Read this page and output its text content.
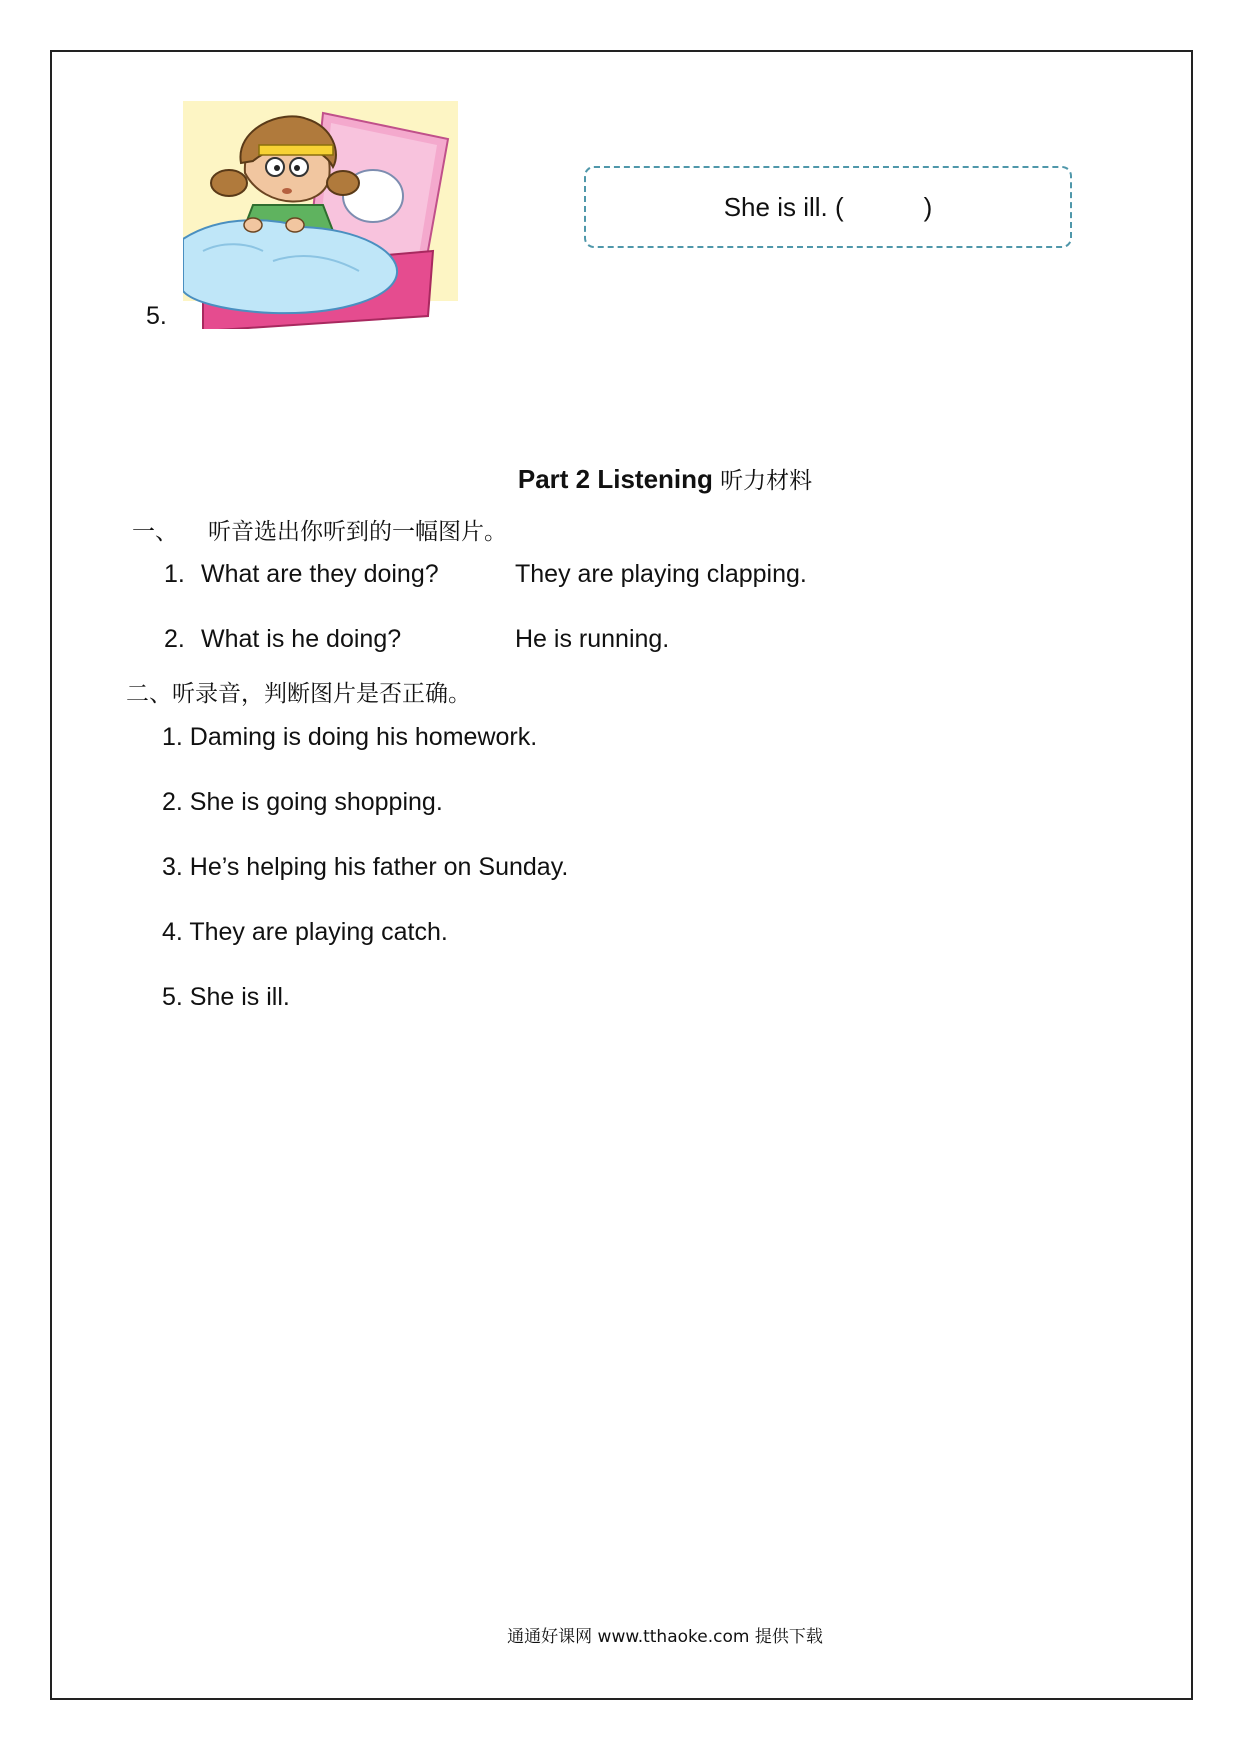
5.
She is ill. (	)
Part 2 Listening 听力材料
一、 听音选出你听到的一幅图片。
1. What are they doing?	They are playing clapping.
2. What is he doing?	He is running.
二、听录音，判断图片是否正确。
1. Daming is doing his homework.
2. She is going shopping.
3. He’s helping his father on Sunday.
4. They are playing catch.
5. She is ill.
通通好课网 www.tthaoke.com 提供下载
